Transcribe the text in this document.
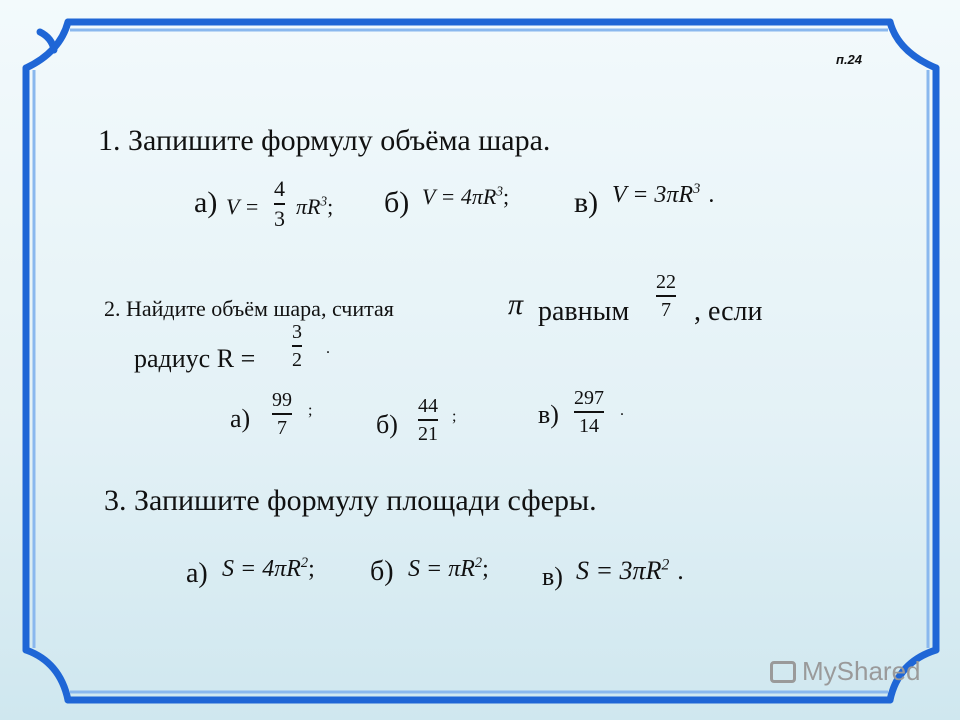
п.24
1. Запишите формулу объёма шара.
а) V =
4
3 $\pi R^3$; б) $V = 4\pi R^3$; в) $V = 3\pi R^3$ .
2. Найдите объём шара, считая	π равным
22
7 , если
радиус R =
3
2 .
а)
99
7
; б)
44
21
;	в)
297
14
.
3. Запишите формулу площади сферы.
а) $S = 4\pi R^2$; б) $S = \pi R^2$; в) $S = 3\pi R^2$ .
MyShared
